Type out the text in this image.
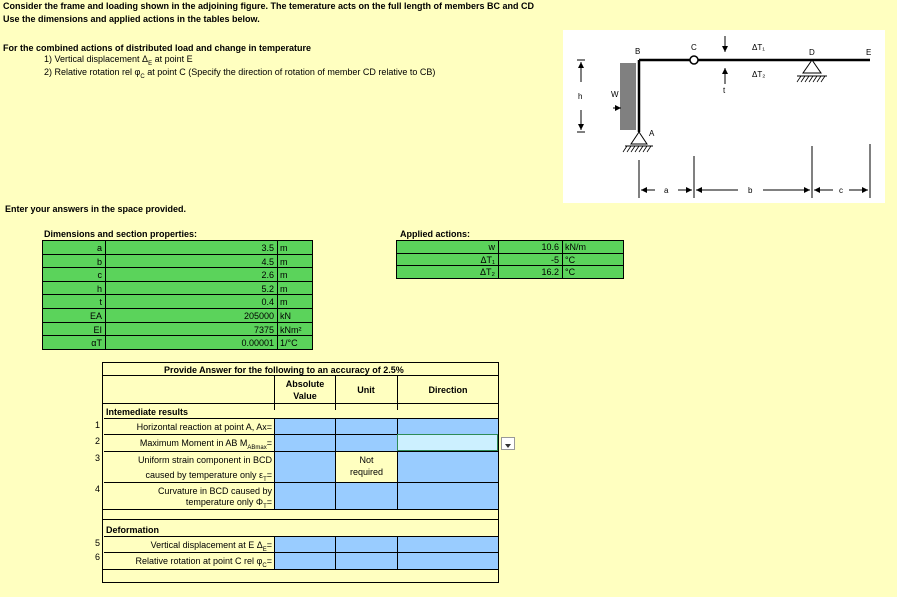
Consider the frame and loading shown in the adjoining figure. The temerature acts on the full length of members BC and CD
Use the dimensions and applied actions in the tables below.
For the combined actions of distributed load and change in temperature
1) Vertical displacement $\Delta_E$ at point E
2) Relative rotation rel $\varphi_C$ at point C (Specify the direction of rotation of member CD relative to CB)
Enter your answers in the space provided.
B	C
D	E
A
h	W	t
ΔT₁
ΔT₂
a	b	c
Dimensions and section properties:
a	3.5 m
b	4.5 m
c	2.6 m
h	5.2 m
t	0.4 m
EA	205000 kN
EI	7375 kNm²
αT	0.00001 1/°C
Applied actions:
w	10.6 kN/m
ΔT₁	-5 °C
ΔT₂	16.2 °C
Provide Answer for the following to an accuracy of 2.5%
Absolute Value
Unit	Direction
Intemediate results
Deformation
1	Horizontal reaction at point A, Ax=
2	Maximum Moment in AB $M_{ABmax}=$
3	Uniform strain component in BCD
caused by temperature only $\varepsilon_T=$
Not required
4	Curvature in BCD caused by
temperature only $\Phi_T=$
5	Vertical displacement at E $\Delta_E=$
6	Relative rotation at point C rel $\varphi_C=$
